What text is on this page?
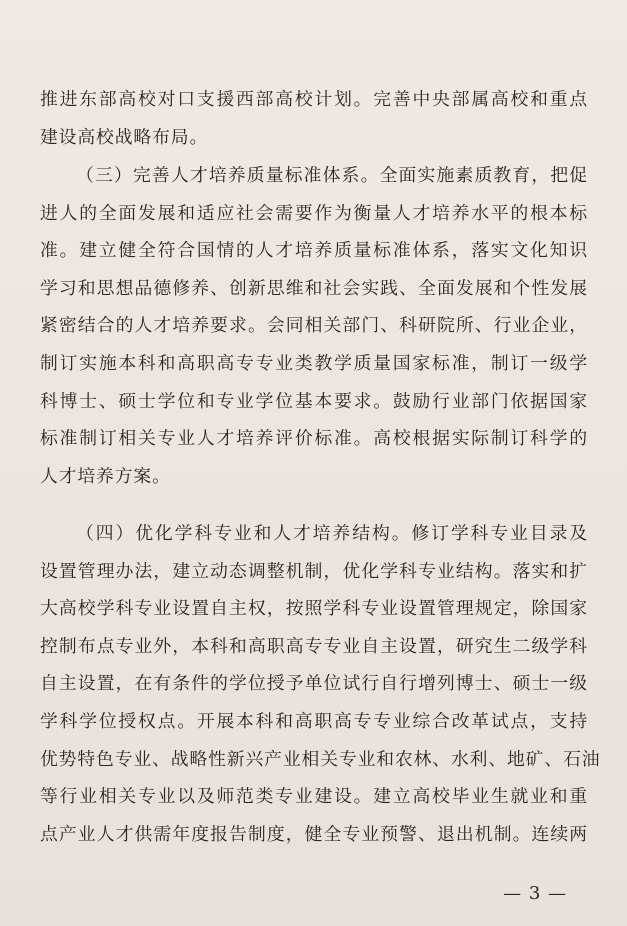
推进东部高校对口支援西部高校计划。完善中央部属高校和重点
建设高校战略布局。
（三）完善人才培养质量标准体系。全面实施素质教育，把促
进人的全面发展和适应社会需要作为衡量人才培养水平的根本标
准。建立健全符合国情的人才培养质量标准体系，落实文化知识
学习和思想品德修养、创新思维和社会实践、全面发展和个性发展
紧密结合的人才培养要求。会同相关部门、科研院所、行业企业，
制订实施本科和高职高专专业类教学质量国家标准，制订一级学
科博士、硕士学位和专业学位基本要求。鼓励行业部门依据国家
标准制订相关专业人才培养评价标准。高校根据实际制订科学的
人才培养方案。
（四）优化学科专业和人才培养结构。修订学科专业目录及
设置管理办法，建立动态调整机制，优化学科专业结构。落实和扩
大高校学科专业设置自主权，按照学科专业设置管理规定，除国家
控制布点专业外，本科和高职高专专业自主设置，研究生二级学科
自主设置，在有条件的学位授予单位试行自行增列博士、硕士一级
学科学位授权点。开展本科和高职高专专业综合改革试点，支持
优势特色专业、战略性新兴产业相关专业和农林、水利、地矿、石油
等行业相关专业以及师范类专业建设。建立高校毕业生就业和重
点产业人才供需年度报告制度，健全专业预警、退出机制。连续两
— 3 —
